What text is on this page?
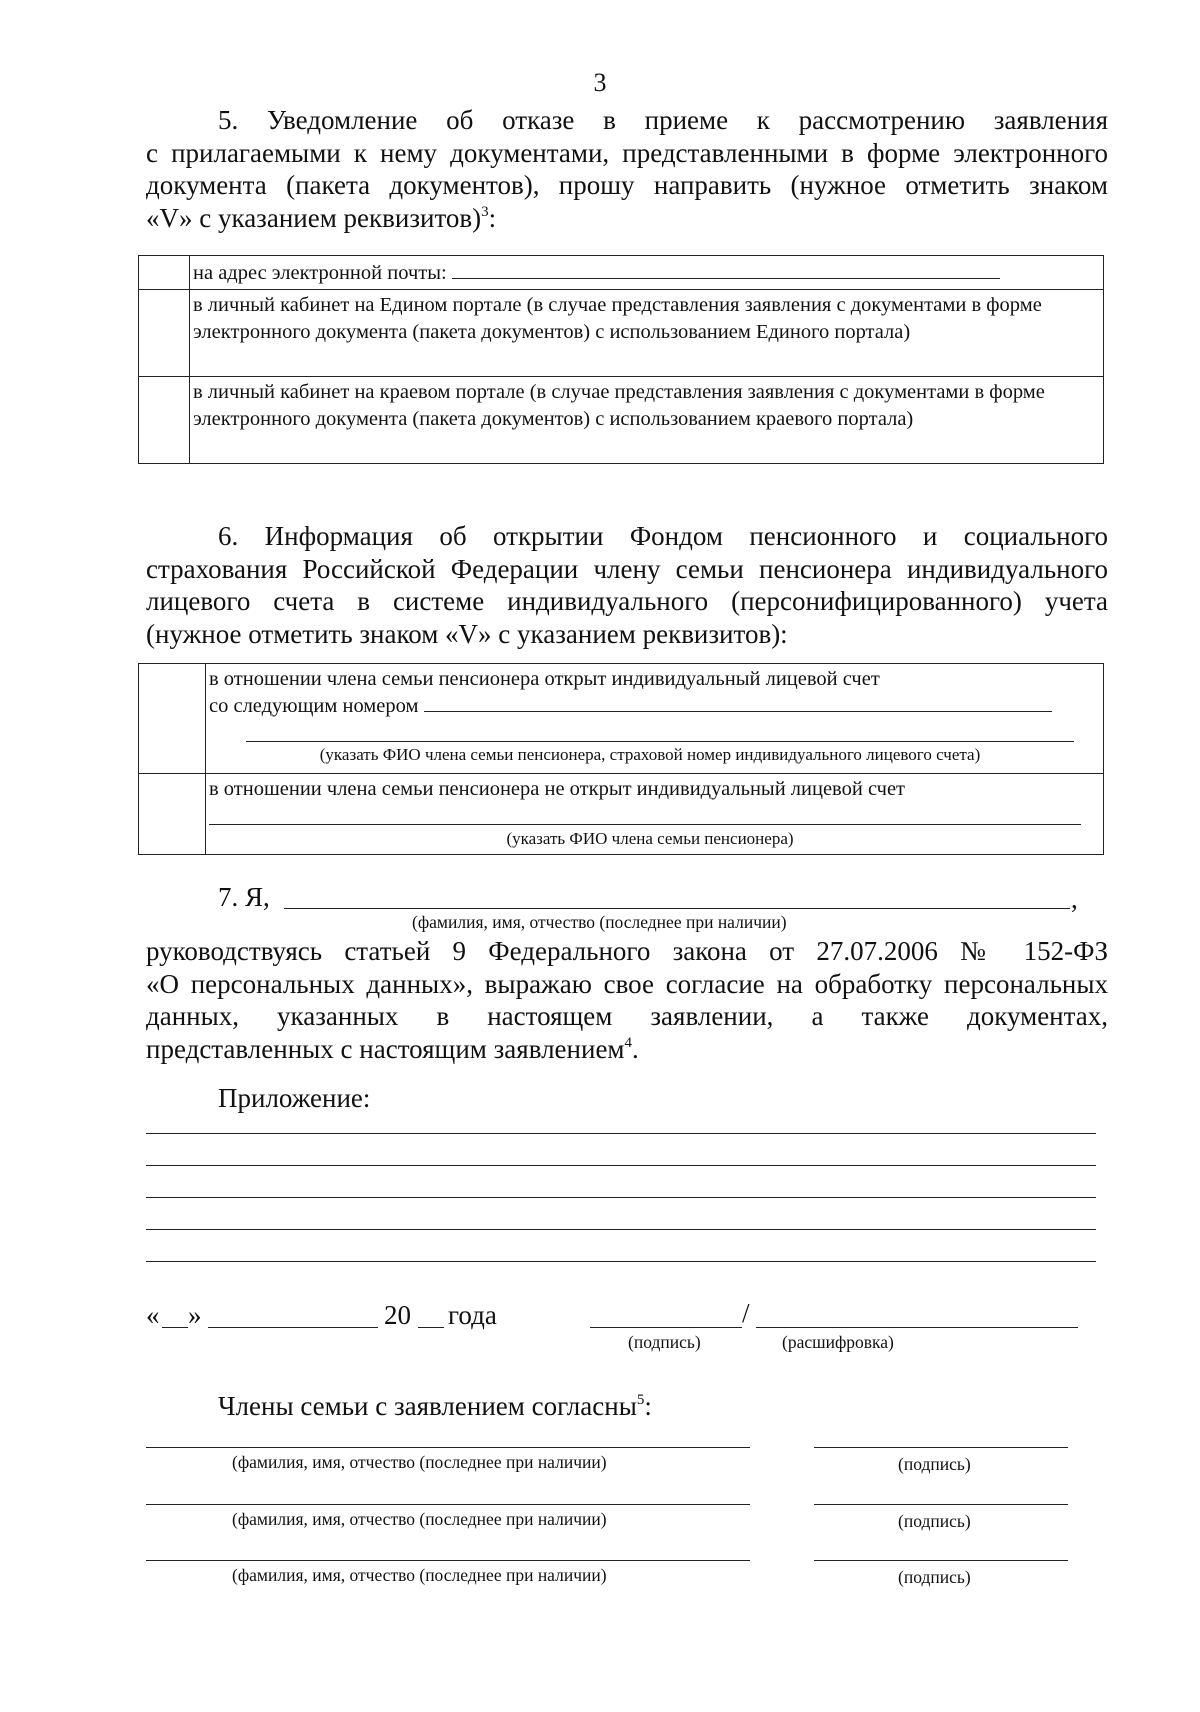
3
5. Уведомление об отказе в приеме к рассмотрению заявления
с прилагаемыми к нему документами, представленными в форме электронного
документа (пакета документов), прошу направить (нужное отметить знаком
«V» с указанием реквизитов)$^3$:
	на адрес электронной почты:
	в личный кабинет на Едином портале (в случае представления заявления с документами в форме электронного документа (пакета документов) с использованием Единого портала)
	в личный кабинет на краевом портале (в случае представления заявления с документами в форме электронного документа (пакета документов) с использованием краевого портала)
6. Информация об открытии Фондом пенсионного и социального
страхования Российской Федерации члену семьи пенсионера индивидуального
лицевого счета в системе индивидуального (персонифицированного) учета
(нужное отметить знаком «V» с указанием реквизитов):

	в отношении члена семьи пенсионера открыт индивидуальный лицевой счет
со следующим номером
(указать ФИО члена семьи пенсионера, страховой номер индивидуального лицевого счета)

	в отношении члена семьи пенсионера не открыт индивидуальный лицевой счет
(указать ФИО члена семьи пенсионера)
7. Я,	,
(фамилия, имя, отчество (последнее при наличии)
руководствуясь статьей 9 Федерального закона от 27.07.2006 № 152-ФЗ
«О персональных данных», выражаю свое согласие на обработку персональных
данных, указанных в настоящем заявлении, а также документах,
представленных с настоящим заявлением$^4$.
Приложение:
« »	20 года	/
(подпись)	(расшифровка)
Члены семьи с заявлением согласны$^5$:
(фамилия, имя, отчество (последнее при наличии)	(подпись)
(фамилия, имя, отчество (последнее при наличии)	(подпись)
(фамилия, имя, отчество (последнее при наличии)	(подпись)
